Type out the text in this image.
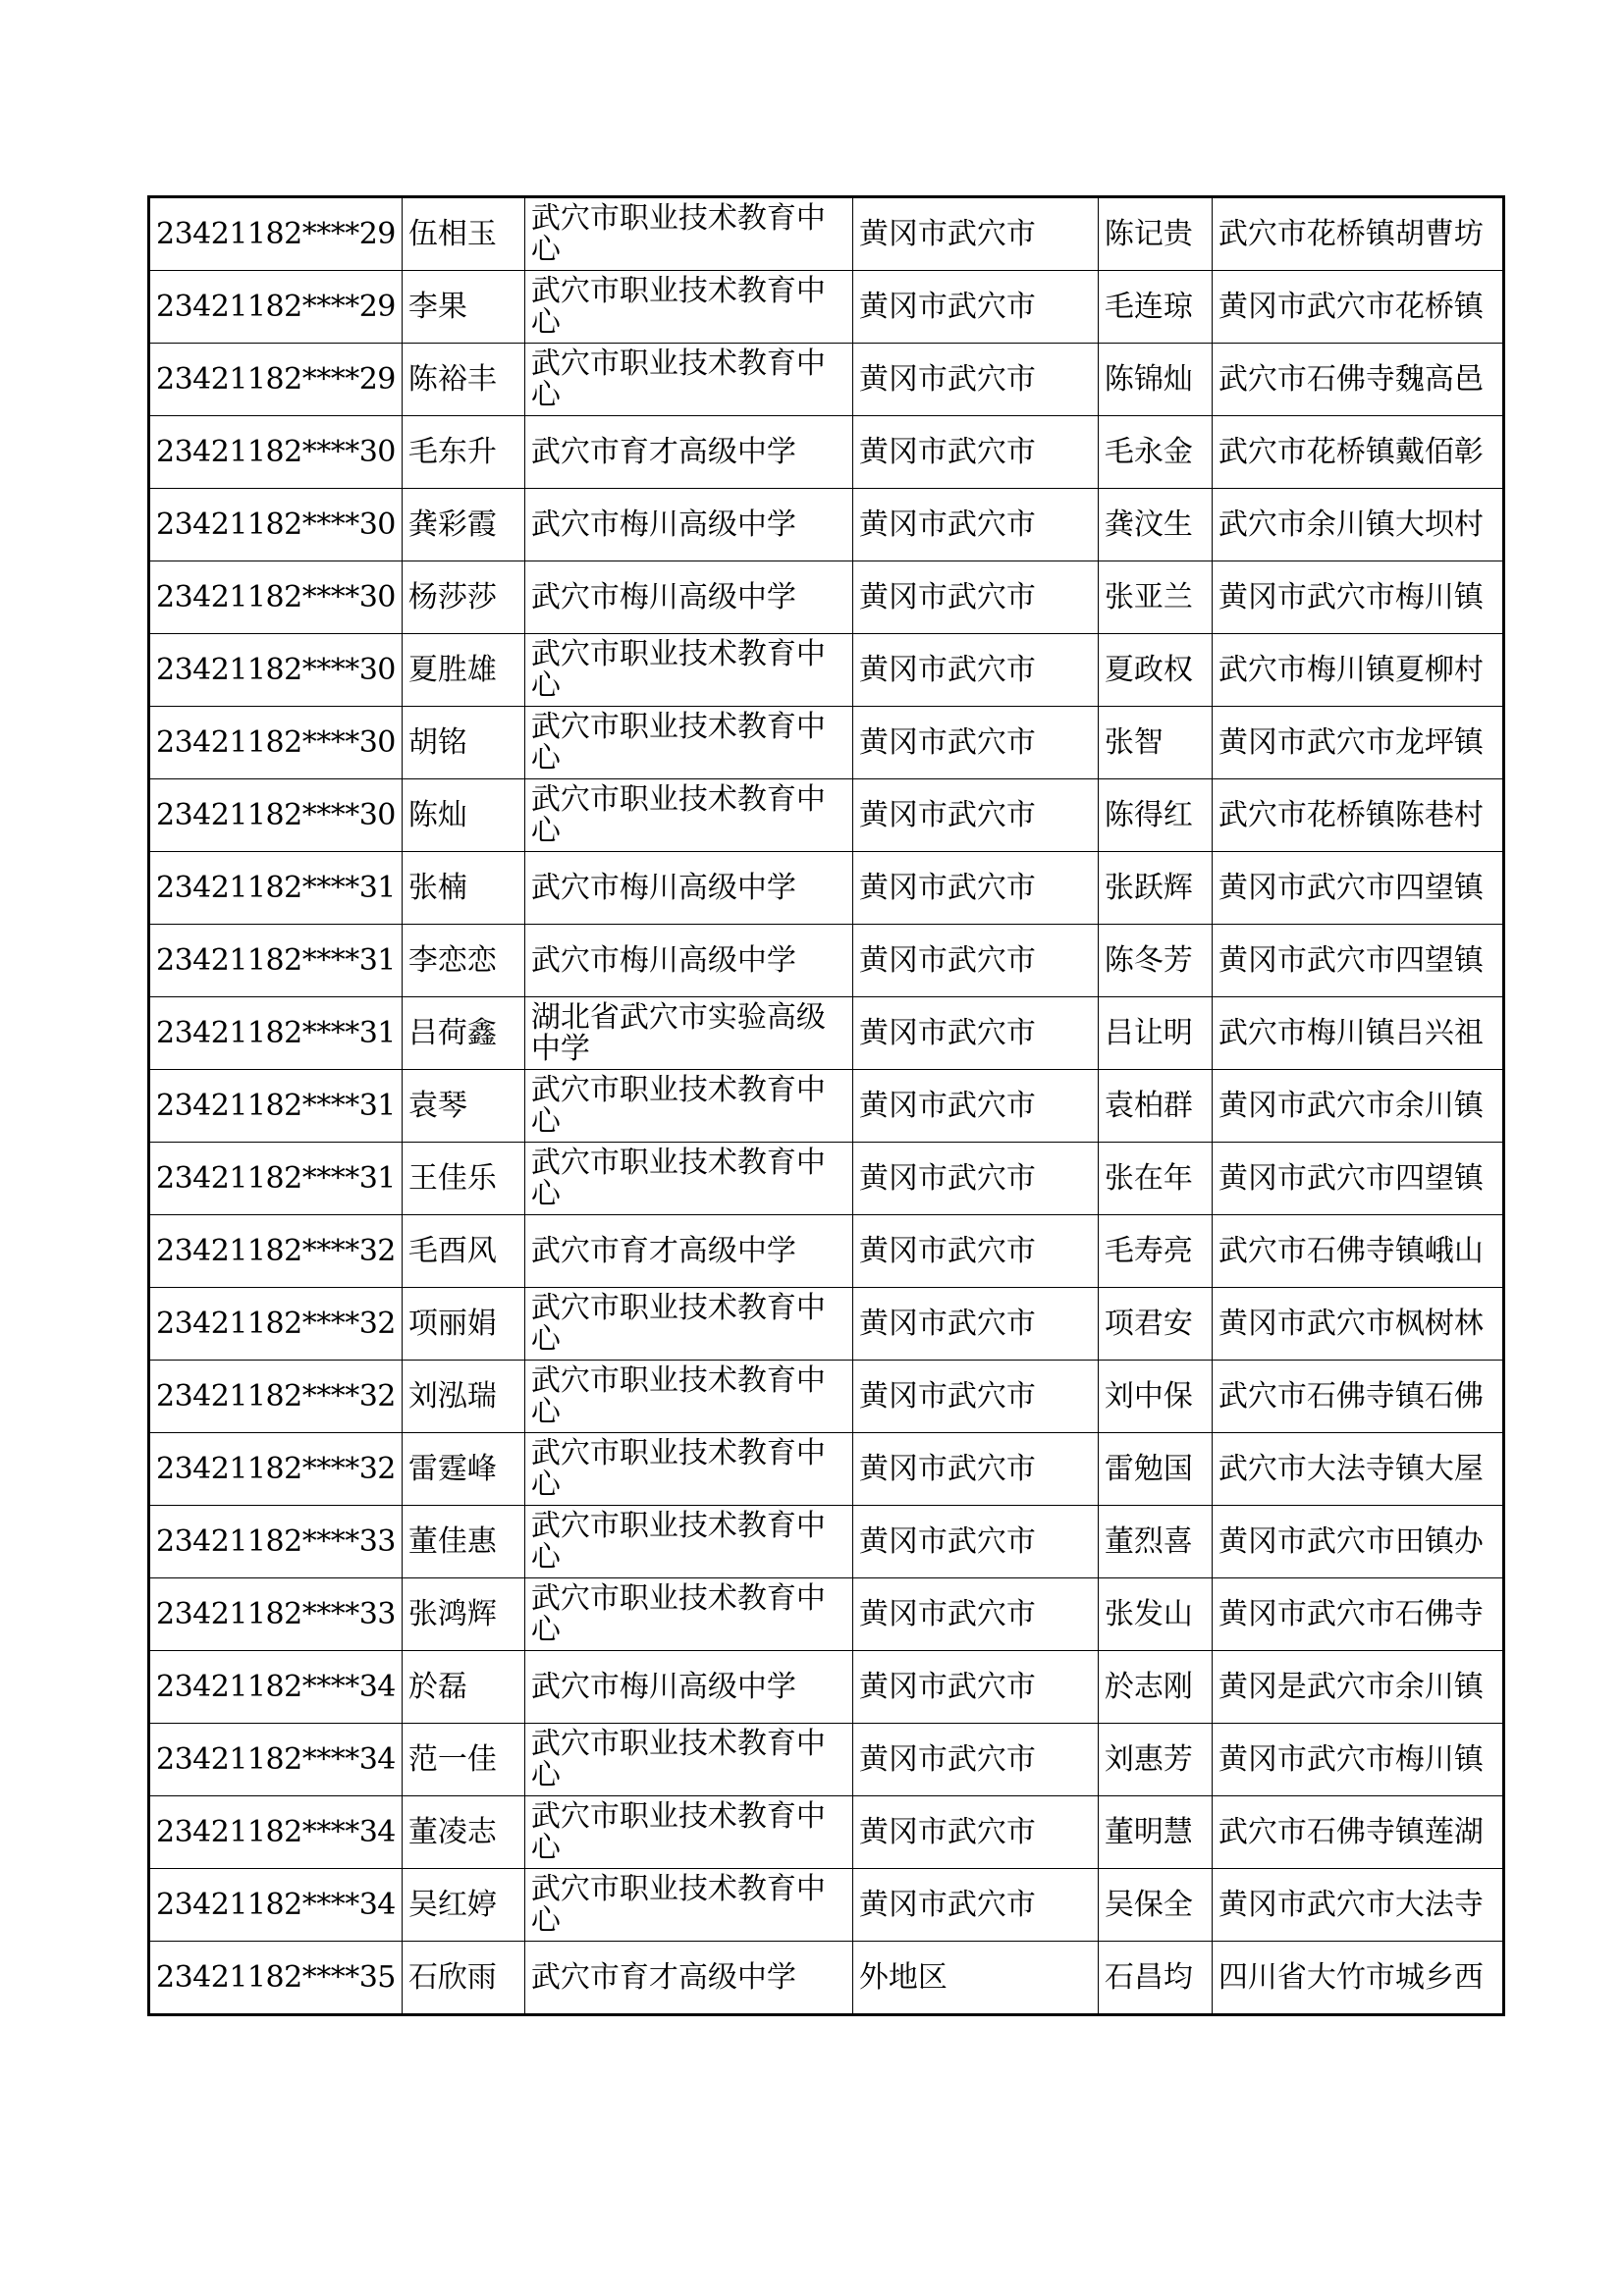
23421182****29	伍相玉	武穴市职业技术教育中心	黄冈市武穴市	陈记贵	武穴市花桥镇胡曹坊
23421182****29	李果	武穴市职业技术教育中心	黄冈市武穴市	毛连琼	黄冈市武穴市花桥镇
23421182****29	陈裕丰	武穴市职业技术教育中心	黄冈市武穴市	陈锦灿	武穴市石佛寺魏高邑
23421182****30	毛东升	武穴市育才高级中学	黄冈市武穴市	毛永金	武穴市花桥镇戴佰彰
23421182****30	龚彩霞	武穴市梅川高级中学	黄冈市武穴市	龚汶生	武穴市余川镇大坝村
23421182****30	杨莎莎	武穴市梅川高级中学	黄冈市武穴市	张亚兰	黄冈市武穴市梅川镇
23421182****30	夏胜雄	武穴市职业技术教育中心	黄冈市武穴市	夏政权	武穴市梅川镇夏柳村
23421182****30	胡铭	武穴市职业技术教育中心	黄冈市武穴市	张智	黄冈市武穴市龙坪镇
23421182****30	陈灿	武穴市职业技术教育中心	黄冈市武穴市	陈得红	武穴市花桥镇陈巷村
23421182****31	张楠	武穴市梅川高级中学	黄冈市武穴市	张跃辉	黄冈市武穴市四望镇
23421182****31	李恋恋	武穴市梅川高级中学	黄冈市武穴市	陈冬芳	黄冈市武穴市四望镇
23421182****31	吕荷鑫	湖北省武穴市实验高级中学	黄冈市武穴市	吕让明	武穴市梅川镇吕兴祖
23421182****31	袁琴	武穴市职业技术教育中心	黄冈市武穴市	袁柏群	黄冈市武穴市余川镇
23421182****31	王佳乐	武穴市职业技术教育中心	黄冈市武穴市	张在年	黄冈市武穴市四望镇
23421182****32	毛酉风	武穴市育才高级中学	黄冈市武穴市	毛寿亮	武穴市石佛寺镇峨山
23421182****32	项丽娟	武穴市职业技术教育中心	黄冈市武穴市	项君安	黄冈市武穴市枫树林
23421182****32	刘泓瑞	武穴市职业技术教育中心	黄冈市武穴市	刘中保	武穴市石佛寺镇石佛
23421182****32	雷霆峰	武穴市职业技术教育中心	黄冈市武穴市	雷勉国	武穴市大法寺镇大屋
23421182****33	董佳惠	武穴市职业技术教育中心	黄冈市武穴市	董烈喜	黄冈市武穴市田镇办
23421182****33	张鸿辉	武穴市职业技术教育中心	黄冈市武穴市	张发山	黄冈市武穴市石佛寺
23421182****34	於磊	武穴市梅川高级中学	黄冈市武穴市	於志刚	黄冈是武穴市余川镇
23421182****34	范一佳	武穴市职业技术教育中心	黄冈市武穴市	刘惠芳	黄冈市武穴市梅川镇
23421182****34	董凌志	武穴市职业技术教育中心	黄冈市武穴市	董明慧	武穴市石佛寺镇莲湖
23421182****34	吴红婷	武穴市职业技术教育中心	黄冈市武穴市	吴保全	黄冈市武穴市大法寺
23421182****35	石欣雨	武穴市育才高级中学	外地区	石昌均	四川省大竹市城乡西
